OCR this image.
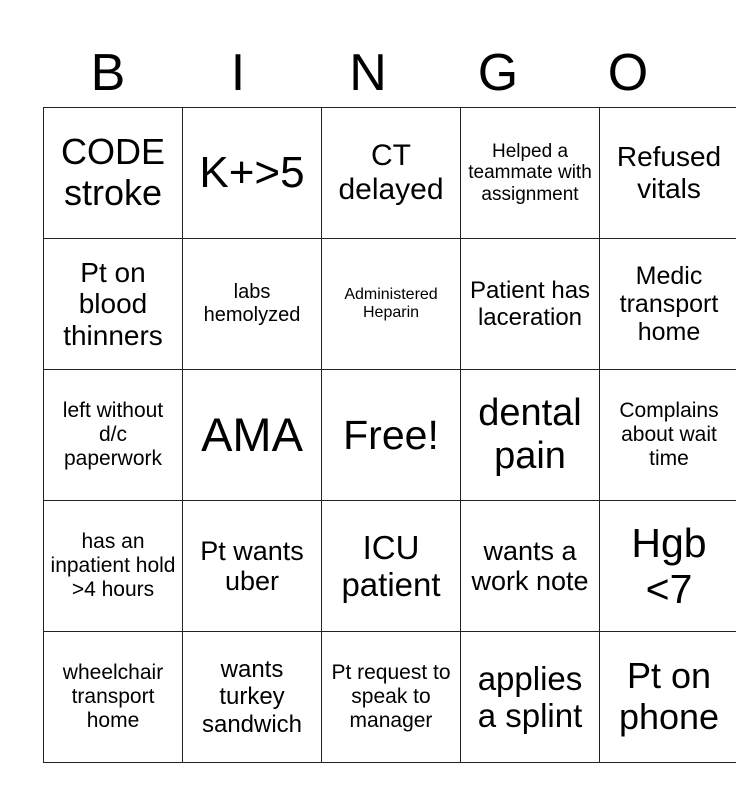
B	I	N	G	O
CODE stroke	K+>5	CT delayed	Helped a teammate with assignment	Refused vitals
Pt on blood thinners	labs hemolyzed	Administered Heparin	Patient has laceration	Medic transport home
left without d/c paperwork	AMA	Free!	dental pain	Complains about wait time
has an inpatient hold >4 hours	Pt wants uber	ICU patient	wants a work note	Hgb <7
wheelchair transport home	wants turkey sandwich	Pt request to speak to manager	applies a splint	Pt on phone
